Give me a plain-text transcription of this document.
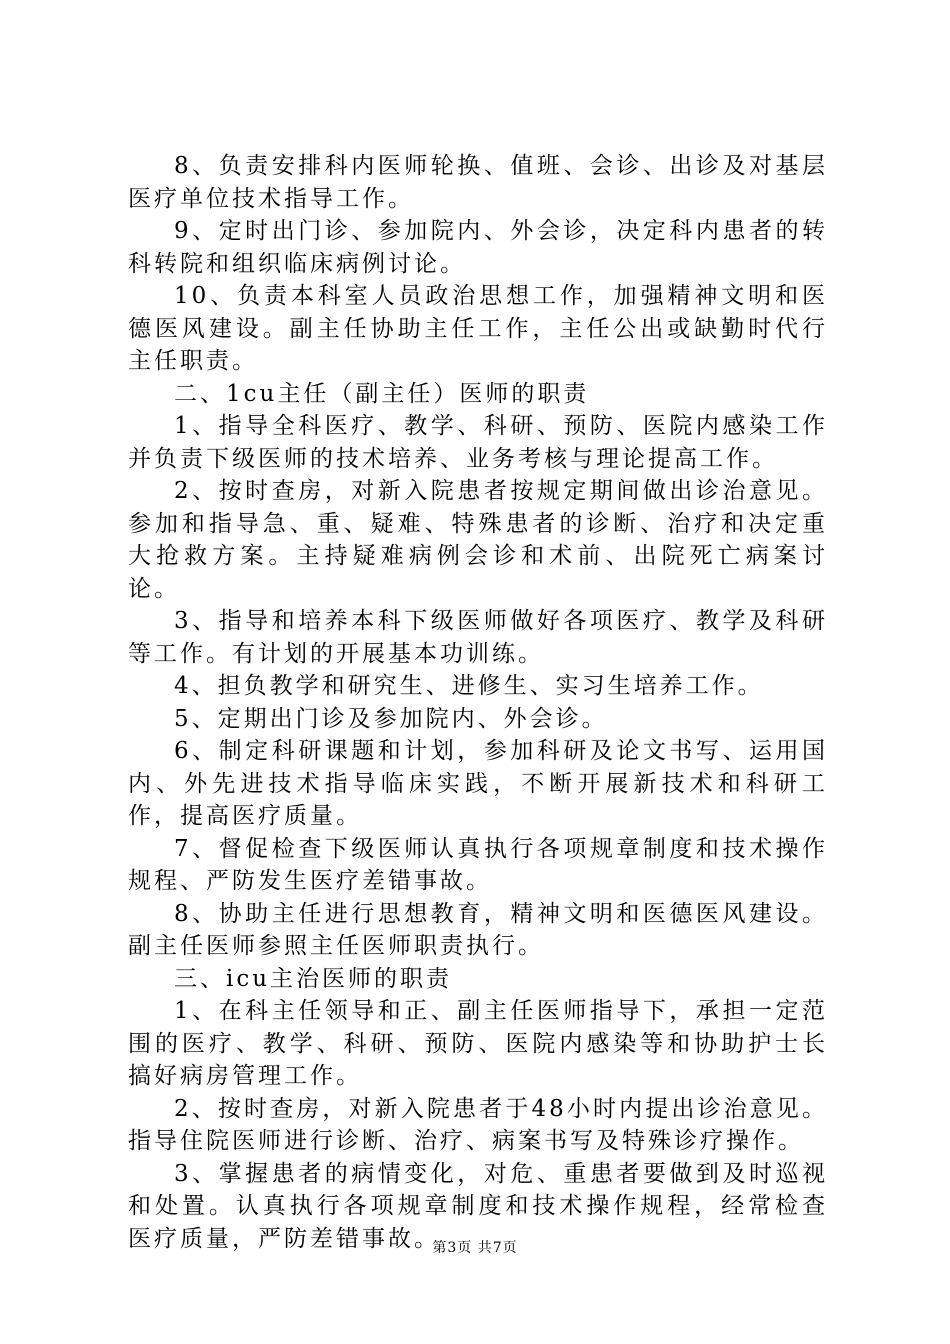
8、负责安排科内医师轮换、值班、会诊、出诊及对基层医疗单位技术指导工作。

9、定时出门诊、参加院内、外会诊，决定科内患者的转科转院和组织临床病例讨论。

10、负责本科室人员政治思想工作，加强精神文明和医德医风建设。副主任协助主任工作，主任公出或缺勤时代行主任职责。

二、1cu主任（副主任）医师的职责

1、指导全科医疗、教学、科研、预防、医院内感染工作并负责下级医师的技术培养、业务考核与理论提高工作。

2、按时查房，对新入院患者按规定期间做出诊治意见。参加和指导急、重、疑难、特殊患者的诊断、治疗和决定重大抢救方案。主持疑难病例会诊和术前、出院死亡病案讨论。

3、指导和培养本科下级医师做好各项医疗、教学及科研等工作。有计划的开展基本功训练。

4、担负教学和研究生、进修生、实习生培养工作。

5、定期出门诊及参加院内、外会诊。

6、制定科研课题和计划，参加科研及论文书写、运用国内、外先进技术指导临床实践，不断开展新技术和科研工作，提高医疗质量。

7、督促检查下级医师认真执行各项规章制度和技术操作规程、严防发生医疗差错事故。

8、协助主任进行思想教育，精神文明和医德医风建设。副主任医师参照主任医师职责执行。

三、icu主治医师的职责

1、在科主任领导和正、副主任医师指导下，承担一定范围的医疗、教学、科研、预防、医院内感染等和协助护士长搞好病房管理工作。

2、按时查房，对新入院患者于48小时内提出诊治意见。指导住院医师进行诊断、治疗、病案书写及特殊诊疗操作。

3、掌握患者的病情变化，对危、重患者要做到及时巡视和处置。认真执行各项规章制度和技术操作规程，经常检查医疗质量，严防差错事故。

第3页 共7页
